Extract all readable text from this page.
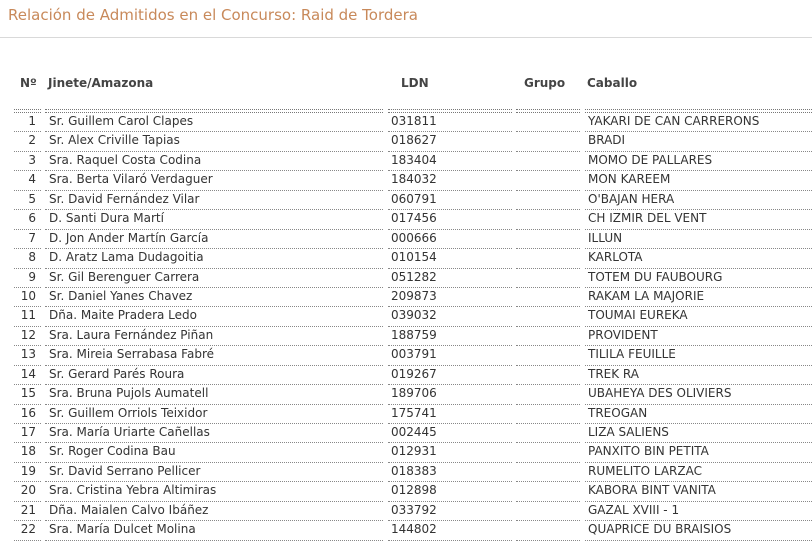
Relación de Admitidos en el Concurso: Raid de Tordera
Nº Jinete/Amazona	LDN	Grupo Caballo
1 Sr. Guillem Carol Clapes	031811	YAKARI DE CAN CARRERONS
2 Sr. Alex Criville Tapias	018627	BRADI
3 Sra. Raquel Costa Codina	183404	MOMO DE PALLARES
4 Sra. Berta Vilaró Verdaguer	184032	MON KAREEM
5 Sr. David Fernández Vilar	060791	O'BAJAN HERA
6 D. Santi Dura Martí	017456	CH IZMIR DEL VENT
7 D. Jon Ander Martín García	000666	ILLUN
8 D. Aratz Lama Dudagoitia	010154	KARLOTA
9 Sr. Gil Berenguer Carrera	051282	TOTEM DU FAUBOURG
10 Sr. Daniel Yanes Chavez	209873	RAKAM LA MAJORIE
11 Dña. Maite Pradera Ledo	039032	TOUMAI EUREKA
12 Sra. Laura Fernández Piñan	188759	PROVIDENT
13 Sra. Mireia Serrabasa Fabré	003791	TILILA FEUILLE
14 Sr. Gerard Parés Roura	019267	TREK RA
15 Sra. Bruna Pujols Aumatell	189706	UBAHEYA DES OLIVIERS
16 Sr. Guillem Orriols Teixidor	175741	TREOGAN
17 Sra. María Uriarte Cañellas	002445	LIZA SALIENS
18 Sr. Roger Codina Bau	012931	PANXITO BIN PETITA
19 Sr. David Serrano Pellicer	018383	RUMELITO LARZAC
20 Sra. Cristina Yebra Altimiras	012898	KABORA BINT VANITA
21 Dña. Maialen Calvo Ibáñez	033792	GAZAL XVIII - 1
22 Sra. María Dulcet Molina	144802	QUAPRICE DU BRAISIOS
